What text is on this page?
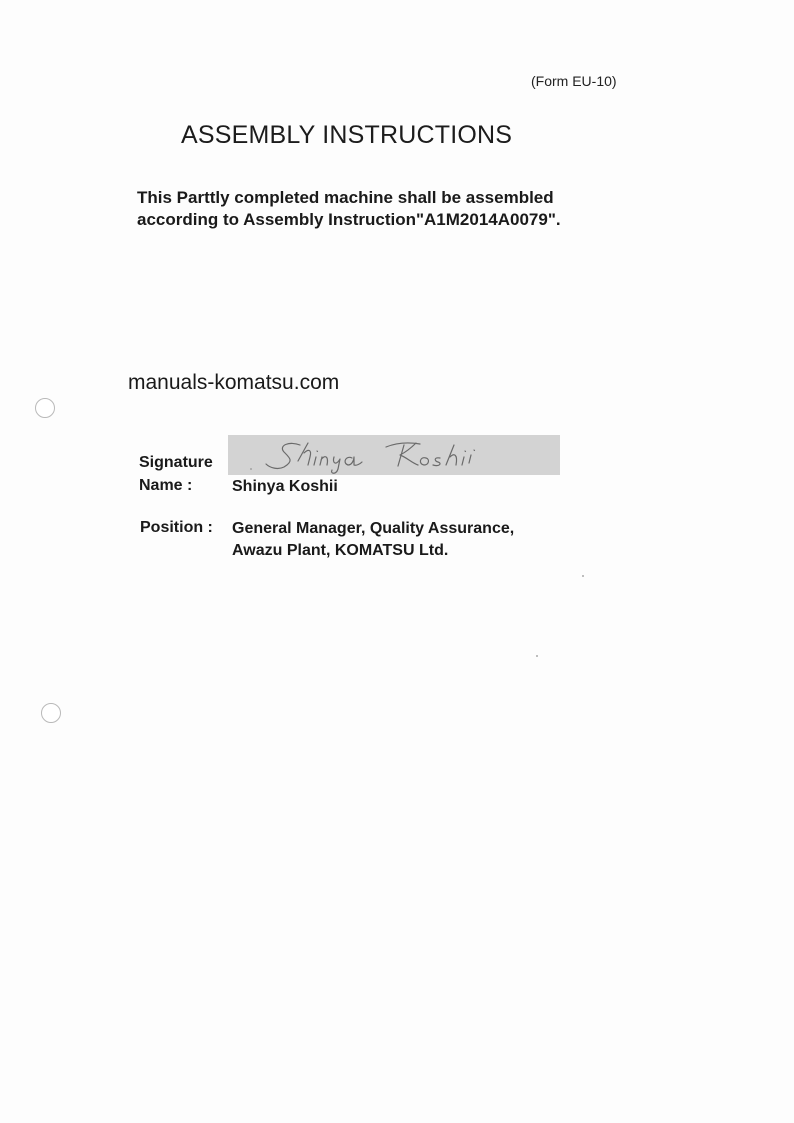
(Form EU-10)
ASSEMBLY INSTRUCTIONS
This Parttly completed machine shall be assembled
according to Assembly Instruction"A1M2014A0079".
manuals-komatsu.com
Signature
Name : Shinya Koshii
Position : General Manager, Quality Assurance,
Awazu Plant, KOMATSU Ltd.
